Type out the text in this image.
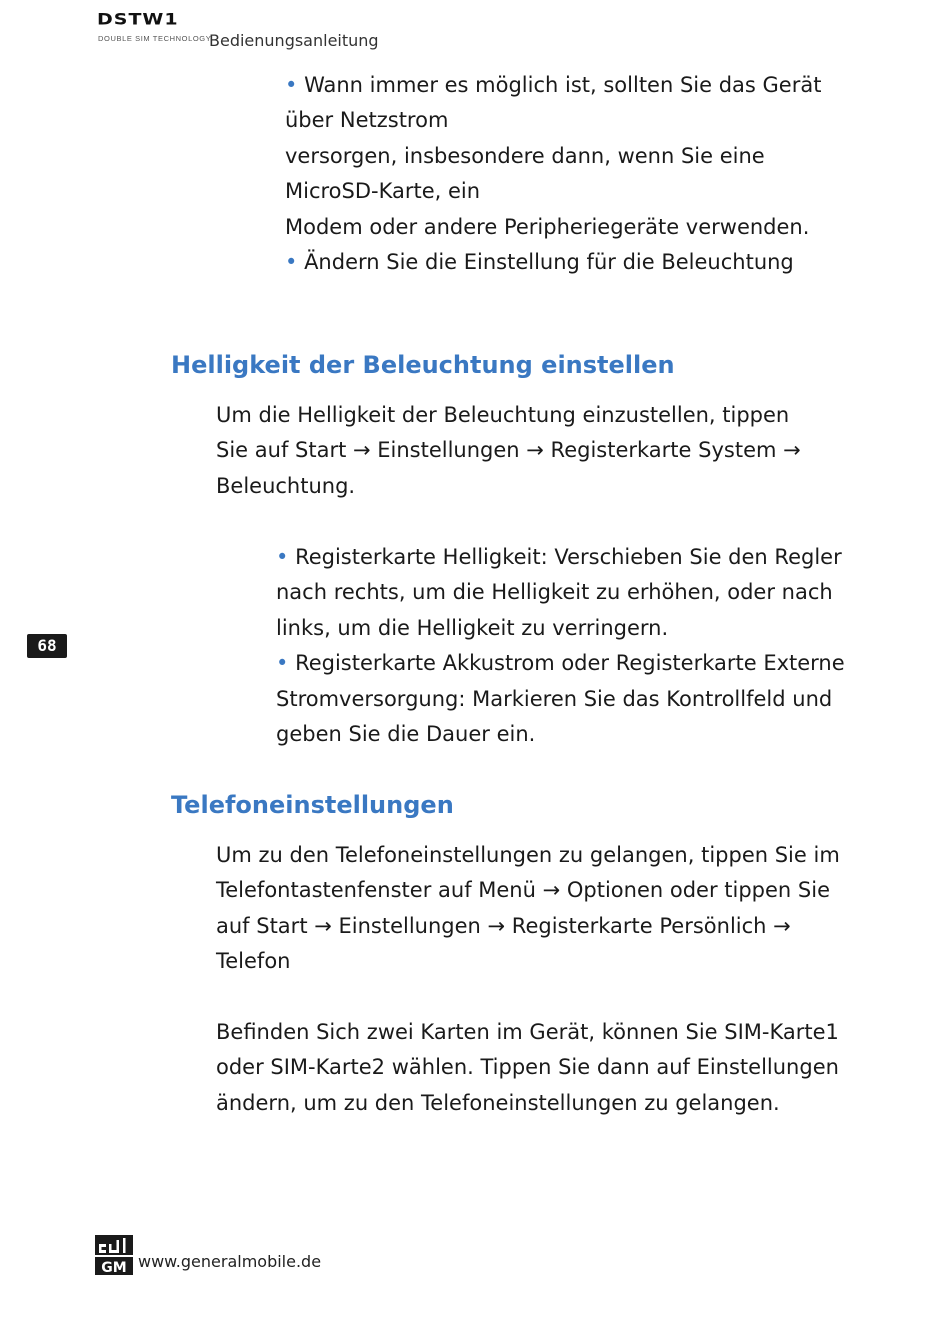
DSTW1
DOUBLE SIM TECHNOLOGY
Bedienungsanleitung

• Wann immer es möglich ist, sollten Sie das Gerät

über Netzstrom

versorgen, insbesondere dann, wenn Sie eine

MicroSD-Karte, ein

Modem oder andere Peripheriegeräte verwenden.

• Ändern Sie die Einstellung für die Beleuchtung

Helligkeit der Beleuchtung einstellen

Um die Helligkeit der Beleuchtung einzustellen, tippen

Sie auf Start → Einstellungen → Registerkarte System →

Beleuchtung.

• Registerkarte Helligkeit: Verschieben Sie den Regler

nach rechts, um die Helligkeit zu erhöhen, oder nach

links, um die Helligkeit zu verringern.

• Registerkarte Akkustrom oder Registerkarte Externe

Stromversorgung: Markieren Sie das Kontrollfeld und

geben Sie die Dauer ein.

68
Telefoneinstellungen

Um zu den Telefoneinstellungen zu gelangen, tippen Sie im

Telefontastenfenster auf Menü → Optionen oder tippen Sie

auf Start → Einstellungen → Registerkarte Persönlich →

Telefon

Befinden Sich zwei Karten im Gerät, können Sie SIM-Karte1

oder SIM-Karte2 wählen. Tippen Sie dann auf Einstellungen

ändern, um zu den Telefoneinstellungen zu gelangen.

GM www.generalmobile.de
